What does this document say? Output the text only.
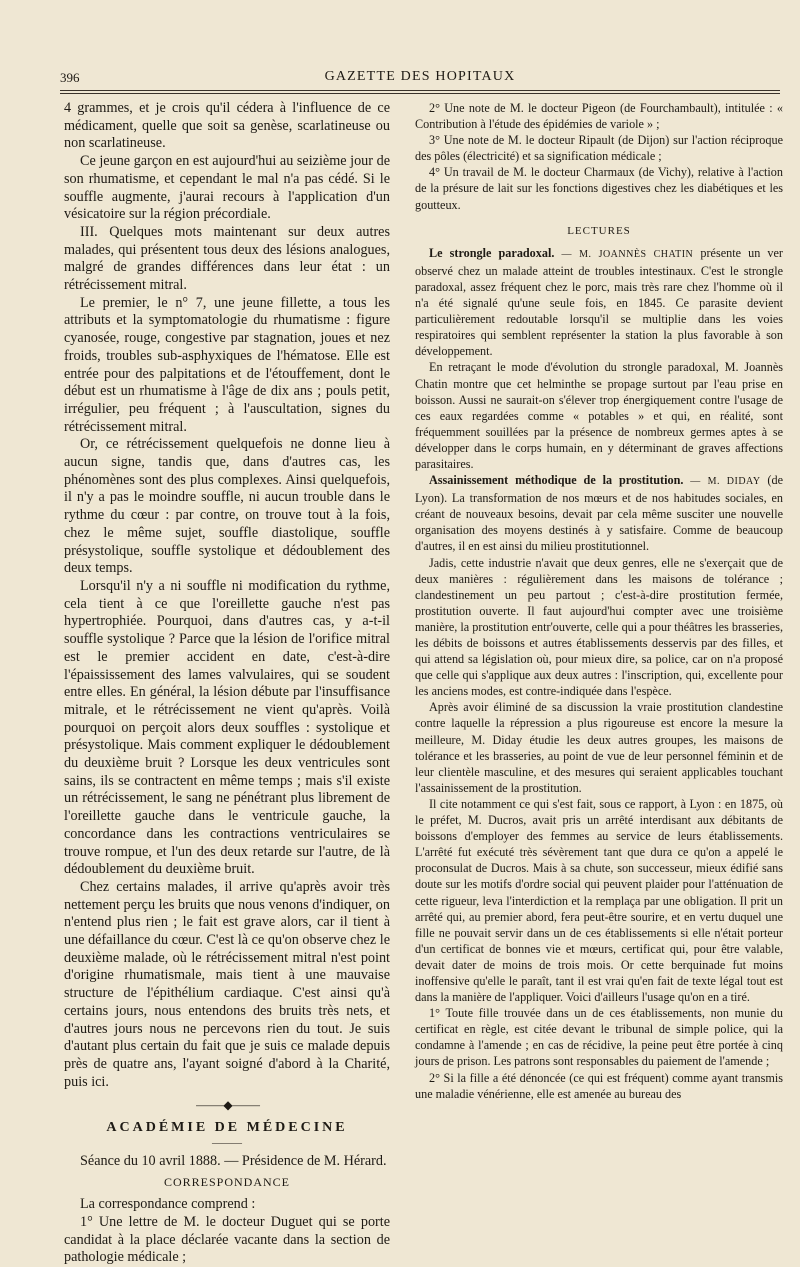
396	GAZETTE DES HOPITAUX

4 grammes, et je crois qu'il cédera à l'influence de ce médicament, quelle que soit sa genèse, scarlatineuse ou non scarlatineuse.

Ce jeune garçon en est aujourd'hui au seizième jour de son rhumatisme, et cependant le mal n'a pas cédé. Si le souffle augmente, j'aurai recours à l'application d'un vésicatoire sur la région précordiale.

III. Quelques mots maintenant sur deux autres malades, qui présentent tous deux des lésions analogues, malgré de grandes différences dans leur état : un rétrécissement mitral.

Le premier, le n° 7, une jeune fillette, a tous les attributs et la symptomatologie du rhumatisme : figure cyanosée, rouge, congestive par stagnation, joues et nez froids, troubles sub-asphyxiques de l'hématose. Elle est entrée pour des palpitations et de l'étouffement, dont le début est un rhumatisme à l'âge de dix ans ; pouls petit, irrégulier, peu fréquent ; à l'auscultation, signes du rétrécissement mitral.

Or, ce rétrécissement quelquefois ne donne lieu à aucun signe, tandis que, dans d'autres cas, les phénomènes sont des plus complexes. Ainsi quelquefois, il n'y a pas le moindre souffle, ni aucun trouble dans le rythme du cœur : par contre, on trouve tout à la fois, chez le même sujet, souffle diastolique, souffle présystolique, souffle systolique et dédoublement des deux temps.

Lorsqu'il n'y a ni souffle ni modification du rythme, cela tient à ce que l'oreillette gauche n'est pas hypertrophiée. Pourquoi, dans d'autres cas, y a-t-il souffle systolique ? Parce que la lésion de l'orifice mitral est le premier accident en date, c'est-à-dire l'épaississement des lames valvulaires, qui se soudent entre elles. En général, la lésion débute par l'insuffisance mitrale, et le rétrécissement ne vient qu'après. Voilà pourquoi on perçoit alors deux souffles : systolique et présystolique. Mais comment expliquer le dédoublement du deuxième bruit ? Lorsque les deux ventricules sont sains, ils se contractent en même temps ; mais s'il existe un rétrécissement, le sang ne pénétrant plus librement de l'oreillette gauche dans le ventricule gauche, la concordance dans les contractions ventriculaires se trouve rompue, et l'un des deux retarde sur l'autre, de là dédoublement du deuxième bruit.

Chez certains malades, il arrive qu'après avoir très nettement perçu les bruits que nous venons d'indiquer, on n'entend plus rien ; le fait est grave alors, car il tient à une défaillance du cœur. C'est là ce qu'on observe chez le deuxième malade, où le rétrécissement mitral n'est point d'origine rhumatismale, mais tient à une mauvaise structure de l'épithélium cardiaque. C'est ainsi qu'à certains jours, nous entendons des bruits très nets, et d'autres jours nous ne percevons rien du tout. Je suis d'autant plus certain du fait que je suis ce malade depuis près de quatre ans, l'ayant soigné d'abord à la Charité, puis ici.

⸻◆⸻
ACADÉMIE DE MÉDECINE
———

Séance du 10 avril 1888. — Présidence de M. Hérard.

CORRESPONDANCE

La correspondance comprend :

1° Une lettre de M. le docteur Duguet qui se porte candidat à la place déclarée vacante dans la section de pathologie médicale ;

2° Une note de M. le docteur Pigeon (de Fourchambault), intitulée : « Contribution à l'étude des épidémies de variole » ;

3° Une note de M. le docteur Ripault (de Dijon) sur l'action réciproque des pôles (électricité) et sa signification médicale ;

4° Un travail de M. le docteur Charmaux (de Vichy), relative à l'action de la présure de lait sur les fonctions digestives chez les diabétiques et les goutteux.

LECTURES

Le strongle paradoxal. — M. JOANNÈS CHATIN présente un ver observé chez un malade atteint de troubles intestinaux. C'est le strongle paradoxal, assez fréquent chez le porc, mais très rare chez l'homme où il n'a été signalé qu'une seule fois, en 1845. Ce parasite devient particulièrement redoutable lorsqu'il se multiplie dans les voies respiratoires qui semblent représenter la station la plus favorable à son développement.

En retraçant le mode d'évolution du strongle paradoxal, M. Joannès Chatin montre que cet helminthe se propage surtout par l'eau prise en boisson. Aussi ne saurait-on s'élever trop énergiquement contre l'usage de ces eaux regardées comme « potables » et qui, en réalité, sont fréquemment souillées par la présence de nombreux germes aptes à se développer dans le corps humain, en y déterminant de graves affections parasitaires.

Assainissement méthodique de la prostitution. — M. DIDAY (de Lyon). La transformation de nos mœurs et de nos habitudes sociales, en créant de nouveaux besoins, devait par cela même susciter une nouvelle organisation des moyens destinés à y satisfaire. Comme de beaucoup d'autres, il en est ainsi du milieu prostitutionnel.

Jadis, cette industrie n'avait que deux genres, elle ne s'exerçait que de deux manières : régulièrement dans les maisons de tolérance ; clandestinement un peu partout ; c'est-à-dire prostitution fermée, prostitution ouverte. Il faut aujourd'hui compter avec une troisième manière, la prostitution entr'ouverte, celle qui a pour théâtres les brasseries, les débits de boissons et autres établissements desservis par des filles, et qui attend sa législation où, pour mieux dire, sa police, car on n'a proposé que celle qui s'applique aux deux autres : l'inscription, qui, excellente pour les anciens modes, est contre-indiquée dans l'espèce.

Après avoir éliminé de sa discussion la vraie prostitution clandestine contre laquelle la répression a plus rigoureuse est encore la mesure la meilleure, M. Diday étudie les deux autres groupes, les maisons de tolérance et les brasseries, au point de vue de leur personnel féminin et de leur clientèle masculine, et des mesures qui seraient applicables touchant l'assainissement de la prostitution.

Il cite notamment ce qui s'est fait, sous ce rapport, à Lyon : en 1875, où le préfet, M. Ducros, avait pris un arrêté interdisant aux débitants de boissons d'employer des femmes au service de leurs établissements. L'arrêté fut exécuté très sévèrement tant que dura ce qu'on a appelé le proconsulat de Ducros. Mais à sa chute, son successeur, mieux édifié sans doute sur les motifs d'ordre social qui peuvent plaider pour l'atténuation de cette rigueur, leva l'interdiction et la remplaça par une obligation. Il prit un arrêté qui, au premier abord, fera peut-être sourire, et en vertu duquel une fille ne pouvait servir dans un de ces établissements si elle n'était porteur d'un certificat de bonnes vie et mœurs, certificat qui, pour être valable, devait dater de moins de trois mois. Or cette berquinade fut moins inoffensive qu'elle le paraît, tant il est vrai qu'en fait de texte légal tout est dans la manière de l'appliquer. Voici d'ailleurs l'usage qu'on en a tiré.

1° Toute fille trouvée dans un de ces établissements, non munie du certificat en règle, est citée devant le tribunal de simple police, qui la condamne à l'amende ; en cas de récidive, la peine peut être portée à cinq jours de prison. Les patrons sont responsables du paiement de l'amende ;

2° Si la fille a été dénoncée (ce qui est fréquent) comme ayant transmis une maladie vénérienne, elle est amenée au bureau des
